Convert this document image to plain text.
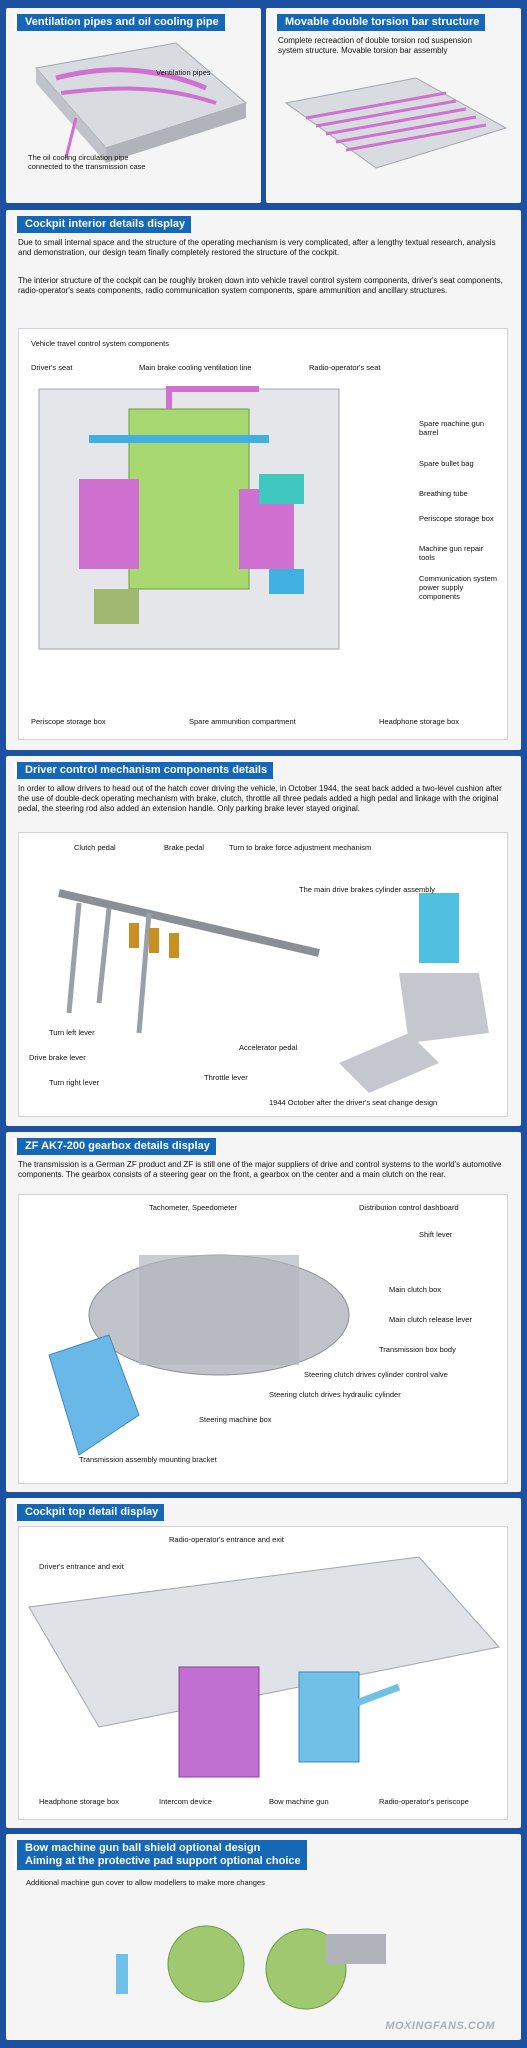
Ventilation pipes and oil cooling pipe
Ventilation pipes
The oil cooling circulation pipe connected to the transmission case
Movable double torsion bar structure
Complete recreaction of double torsion rod suspension system structure. Movable torsion bar assembly
Cockpit interior details display
Due to small internal space and the structure of the operating mechanism is very complicated, after a lengthy textual research, analysis and demonstration, our design team finally completely restored the structure of the cockpit.
The interior structure of the cockpit can be roughly broken down into vehicle travel control system components, driver's seat components, radio-operator's seats components, radio communication system components, spare ammunition and ancillary structures.
Vehicle travel control system components
Driver's seat	Main brake cooling ventilation line	Radio-operator's seat
Spare machine gun barrel
Spare bullet bag
Breathing tube
Periscope storage box
Machine gun repair tools
Communication system power supply components
Periscope storage box	Spare ammunition compartment	Headphone storage box
Driver control mechanism components details
In order to allow drivers to head out of the hatch cover driving the vehicle, in October 1944, the seat back added a two-level cushion after the use of double-deck operating mechanism with brake, clutch, throttle all three pedals added a high pedal and linkage with the original pedal, the steering rod also added an extension handle. Only parking brake lever stayed original.
Clutch pedal	Brake pedal	Turn to brake force adjustment mechanism
The main drive brakes cylinder assembly
Turn left lever
Drive brake lever
Turn right lever
Accelerator pedal
Throttle lever
1944 October after the driver's seat change design
ZF AK7-200 gearbox details display
The transmission is a German ZF product and ZF is still one of the major suppliers of drive and control systems to the world's automotive components. The gearbox consists of a steering gear on the front, a gearbox on the center and a main clutch on the rear.
Tachometer, Speedometer	Distribution control dashboard
Shift lever
Main clutch box
Main clutch release lever
Transmission box body
Steering clutch drives cylinder control valve
Steering clutch drives hydraulic cylinder
Steering machine box
Transmission assembly mounting bracket
Cockpit top detail display
Radio-operator's entrance and exit
Driver's entrance and exit
Headphone storage box	Intercom device	Bow machine gun	Radio-operator's periscope
Bow machine gun ball shield optional design
Aiming at the protective pad support optional choice
Additional machine gun cover to allow modellers to make more changes
MOXINGFANS.COM
